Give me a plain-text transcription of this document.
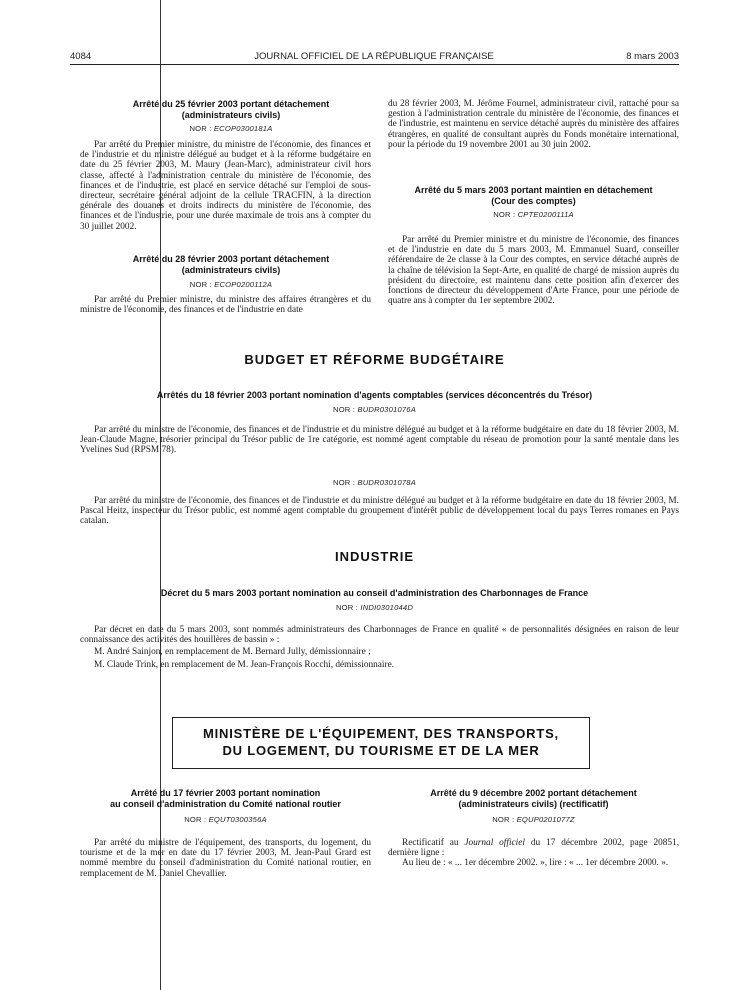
4084	JOURNAL OFFICIEL DE LA RÉPUBLIQUE FRANÇAISE	8 mars 2003
Arrêté du 25 février 2003 portant détachement
(administrateurs civils)
NOR : ECOP0300181A

Par arrêté du Premier ministre, du ministre de l'économie, des finances et de l'industrie et du ministre délégué au budget et à la réforme budgétaire en date du 25 février 2003, M. Maury (Jean-Marc), administrateur civil hors classe, affecté à l'administration centrale du ministère de l'économie, des finances et de l'industrie, est placé en service détaché sur l'emploi de sous-directeur, secrétaire général adjoint de la cellule TRACFIN, à la direction générale des douanes et droits indirects du ministère de l'économie, des finances et de l'industrie, pour une durée maximale de trois ans à compter du 30 juillet 2002.

Arrêté du 28 février 2003 portant détachement
(administrateurs civils)
NOR : ECOP0200112A

Par arrêté du Premier ministre, du ministre des affaires étrangères et du ministre de l'économie, des finances et de l'industrie en date

du 28 février 2003, M. Jérôme Fournel, administrateur civil, rattaché pour sa gestion à l'administration centrale du ministère de l'économie, des finances et de l'industrie, est maintenu en service détaché auprès du ministère des affaires étrangères, en qualité de consultant auprès du Fonds monétaire international, pour la période du 19 novembre 2001 au 30 juin 2002.

Arrêté du 5 mars 2003 portant maintien en détachement
(Cour des comptes)
NOR : CPTE0200111A

Par arrêté du Premier ministre et du ministre de l'économie, des finances et de l'industrie en date du 5 mars 2003, M. Emmanuel Suard, conseiller référendaire de 2e classe à la Cour des comptes, en service détaché auprès de la chaîne de télévision la Sept-Arte, en qualité de chargé de mission auprès du président du directoire, est maintenu dans cette position afin d'exercer des fonctions de directeur du développement d'Arte France, pour une période de quatre ans à compter du 1er septembre 2002.

BUDGET ET RÉFORME BUDGÉTAIRE
Arrêtés du 18 février 2003 portant nomination d'agents comptables (services déconcentrés du Trésor)
NOR : BUDR0301076A

Par arrêté du ministre de l'économie, des finances et de l'industrie et du ministre délégué au budget et à la réforme budgétaire en date du 18 février 2003, M. Jean-Claude Magne, trésorier principal du Trésor public de 1re catégorie, est nommé agent comptable du réseau de promotion pour la santé mentale dans les Yvelines Sud (RPSM 78).

NOR : BUDR0301078A

Par arrêté du ministre de l'économie, des finances et de l'industrie et du ministre délégué au budget et à la réforme budgétaire en date du 18 février 2003, M. Pascal Heitz, inspecteur du Trésor public, est nommé agent comptable du groupement d'intérêt public de développement local du pays Terres romanes en Pays catalan.

INDUSTRIE
Décret du 5 mars 2003 portant nomination au conseil d'administration des Charbonnages de France
NOR : INDI0301044D

Par décret en date du 5 mars 2003, sont nommés administrateurs des Charbonnages de France en qualité « de personnalités désignées en raison de leur connaissance des activités des houillères de bassin » :

M. André Sainjon, en remplacement de M. Bernard Jully, démissionnaire ;

M. Claude Trink, en remplacement de M. Jean-François Rocchi, démissionnaire.

MINISTÈRE DE L'ÉQUIPEMENT, DES TRANSPORTS,
DU LOGEMENT, DU TOURISME ET DE LA MER
Arrêté du 17 février 2003 portant nomination
au conseil d'administration du Comité national routier
NOR : EQUT0300356A

Par arrêté du ministre de l'équipement, des transports, du logement, du tourisme et de la mer en date du 17 février 2003, M. Jean-Paul Grard est nommé membre du conseil d'administration du Comité national routier, en remplacement de M. Daniel Chevallier.

Arrêté du 9 décembre 2002 portant détachement
(administrateurs civils) (rectificatif)
NOR : EQUP0201077Z

Rectificatif au Journal officiel du 17 décembre 2002, page 20851, dernière ligne :

Au lieu de : « ... 1er décembre 2002. », lire : « ... 1er décembre 2000. ».
